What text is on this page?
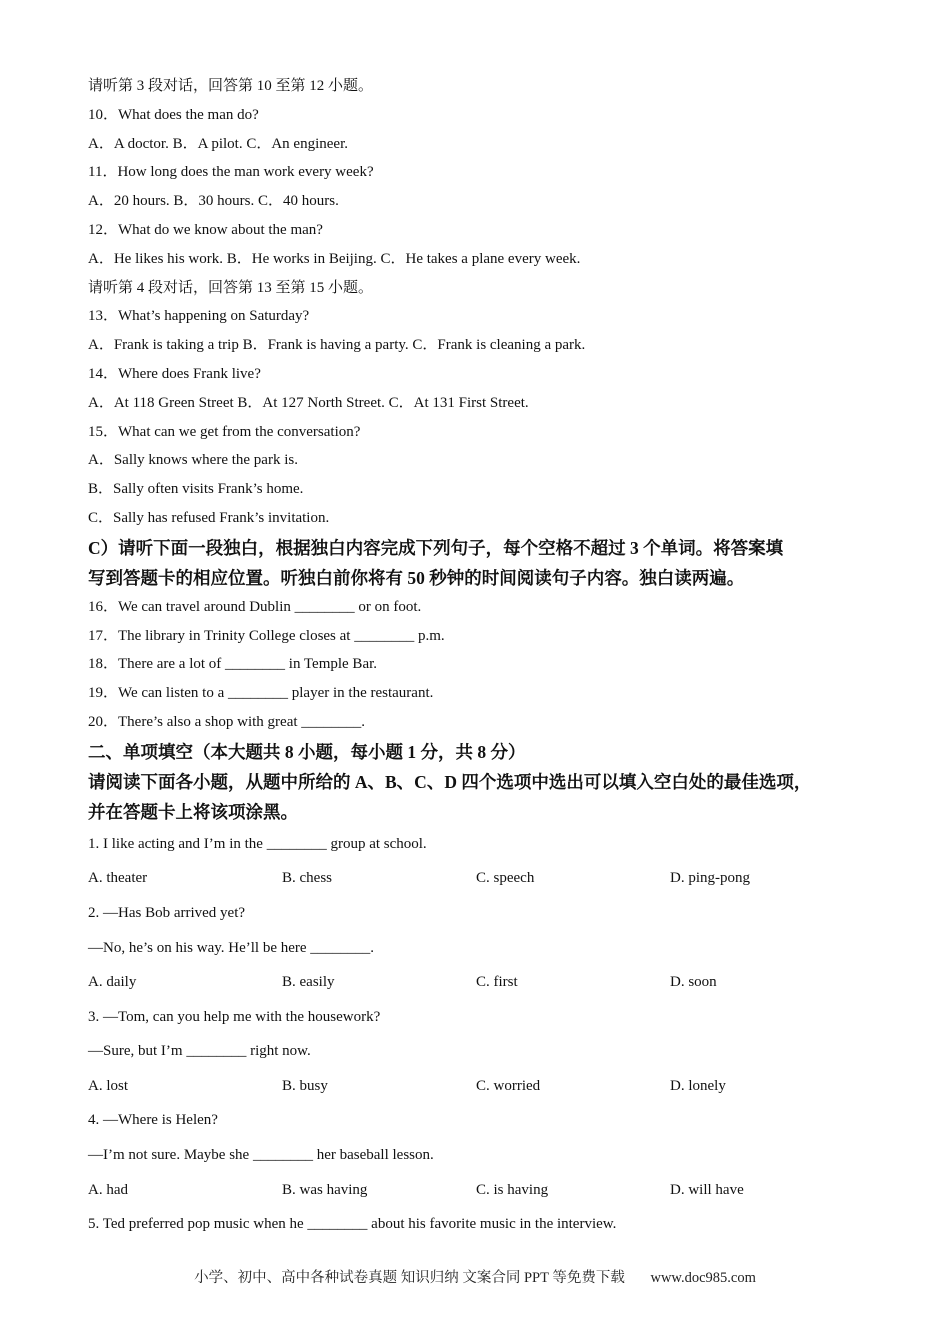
请听第 3 段对话，回答第 10 至第 12 小题。
10．What does the man do?
A．A doctor. B．A pilot. C．An engineer.
11．How long does the man work every week?
A．20 hours. B．30 hours. C．40 hours.
12．What do we know about the man?
A．He likes his work. B．He works in Beijing. C．He takes a plane every week.
请听第 4 段对话，回答第 13 至第 15 小题。
13．What’s happening on Saturday?
A．Frank is taking a trip B．Frank is having a party. C．Frank is cleaning a park.
14．Where does Frank live?
A．At 118 Green Street B．At 127 North Street. C．At 131 First Street.
15．What can we get from the conversation?
A．Sally knows where the park is.
B．Sally often visits Frank’s home.
C．Sally has refused Frank’s invitation.
C）请听下面一段独白，根据独白内容完成下列句子，每个空格不超过 3 个单词。将答案填
写到答题卡的相应位置。听独白前你将有 50 秒钟的时间阅读句子内容。独白读两遍。
16．We can travel around Dublin ________ or on foot.
17．The library in Trinity College closes at ________ p.m.
18．There are a lot of ________ in Temple Bar.
19．We can listen to a ________ player in the restaurant.
20．There’s also a shop with great ________.
二、单项填空（本大题共 8 小题，每小题 1 分，共 8 分）
请阅读下面各小题，从题中所给的 A、B、C、D 四个选项中选出可以填入空白处的最佳选项，
并在答题卡上将该项涂黑。
1. I like acting and I’m in the ________ group at school.
A. theater	B. chess	C. speech	D. ping-pong
2. —Has Bob arrived yet?
—No, he’s on his way. He’ll be here ________.
A. daily	B. easily	C. first	D. soon
3. —Tom, can you help me with the housework?
—Sure, but I’m ________ right now.
A. lost	B. busy	C. worried	D. lonely
4. —Where is Helen?
—I’m not sure. Maybe she ________ her baseball lesson.
A. had	B. was having	C. is having	D. will have
5. Ted preferred pop music when he ________ about his favorite music in the interview.
小学、初中、高中各种试卷真题 知识归纳 文案合同 PPT 等免费下载 www.doc985.com
